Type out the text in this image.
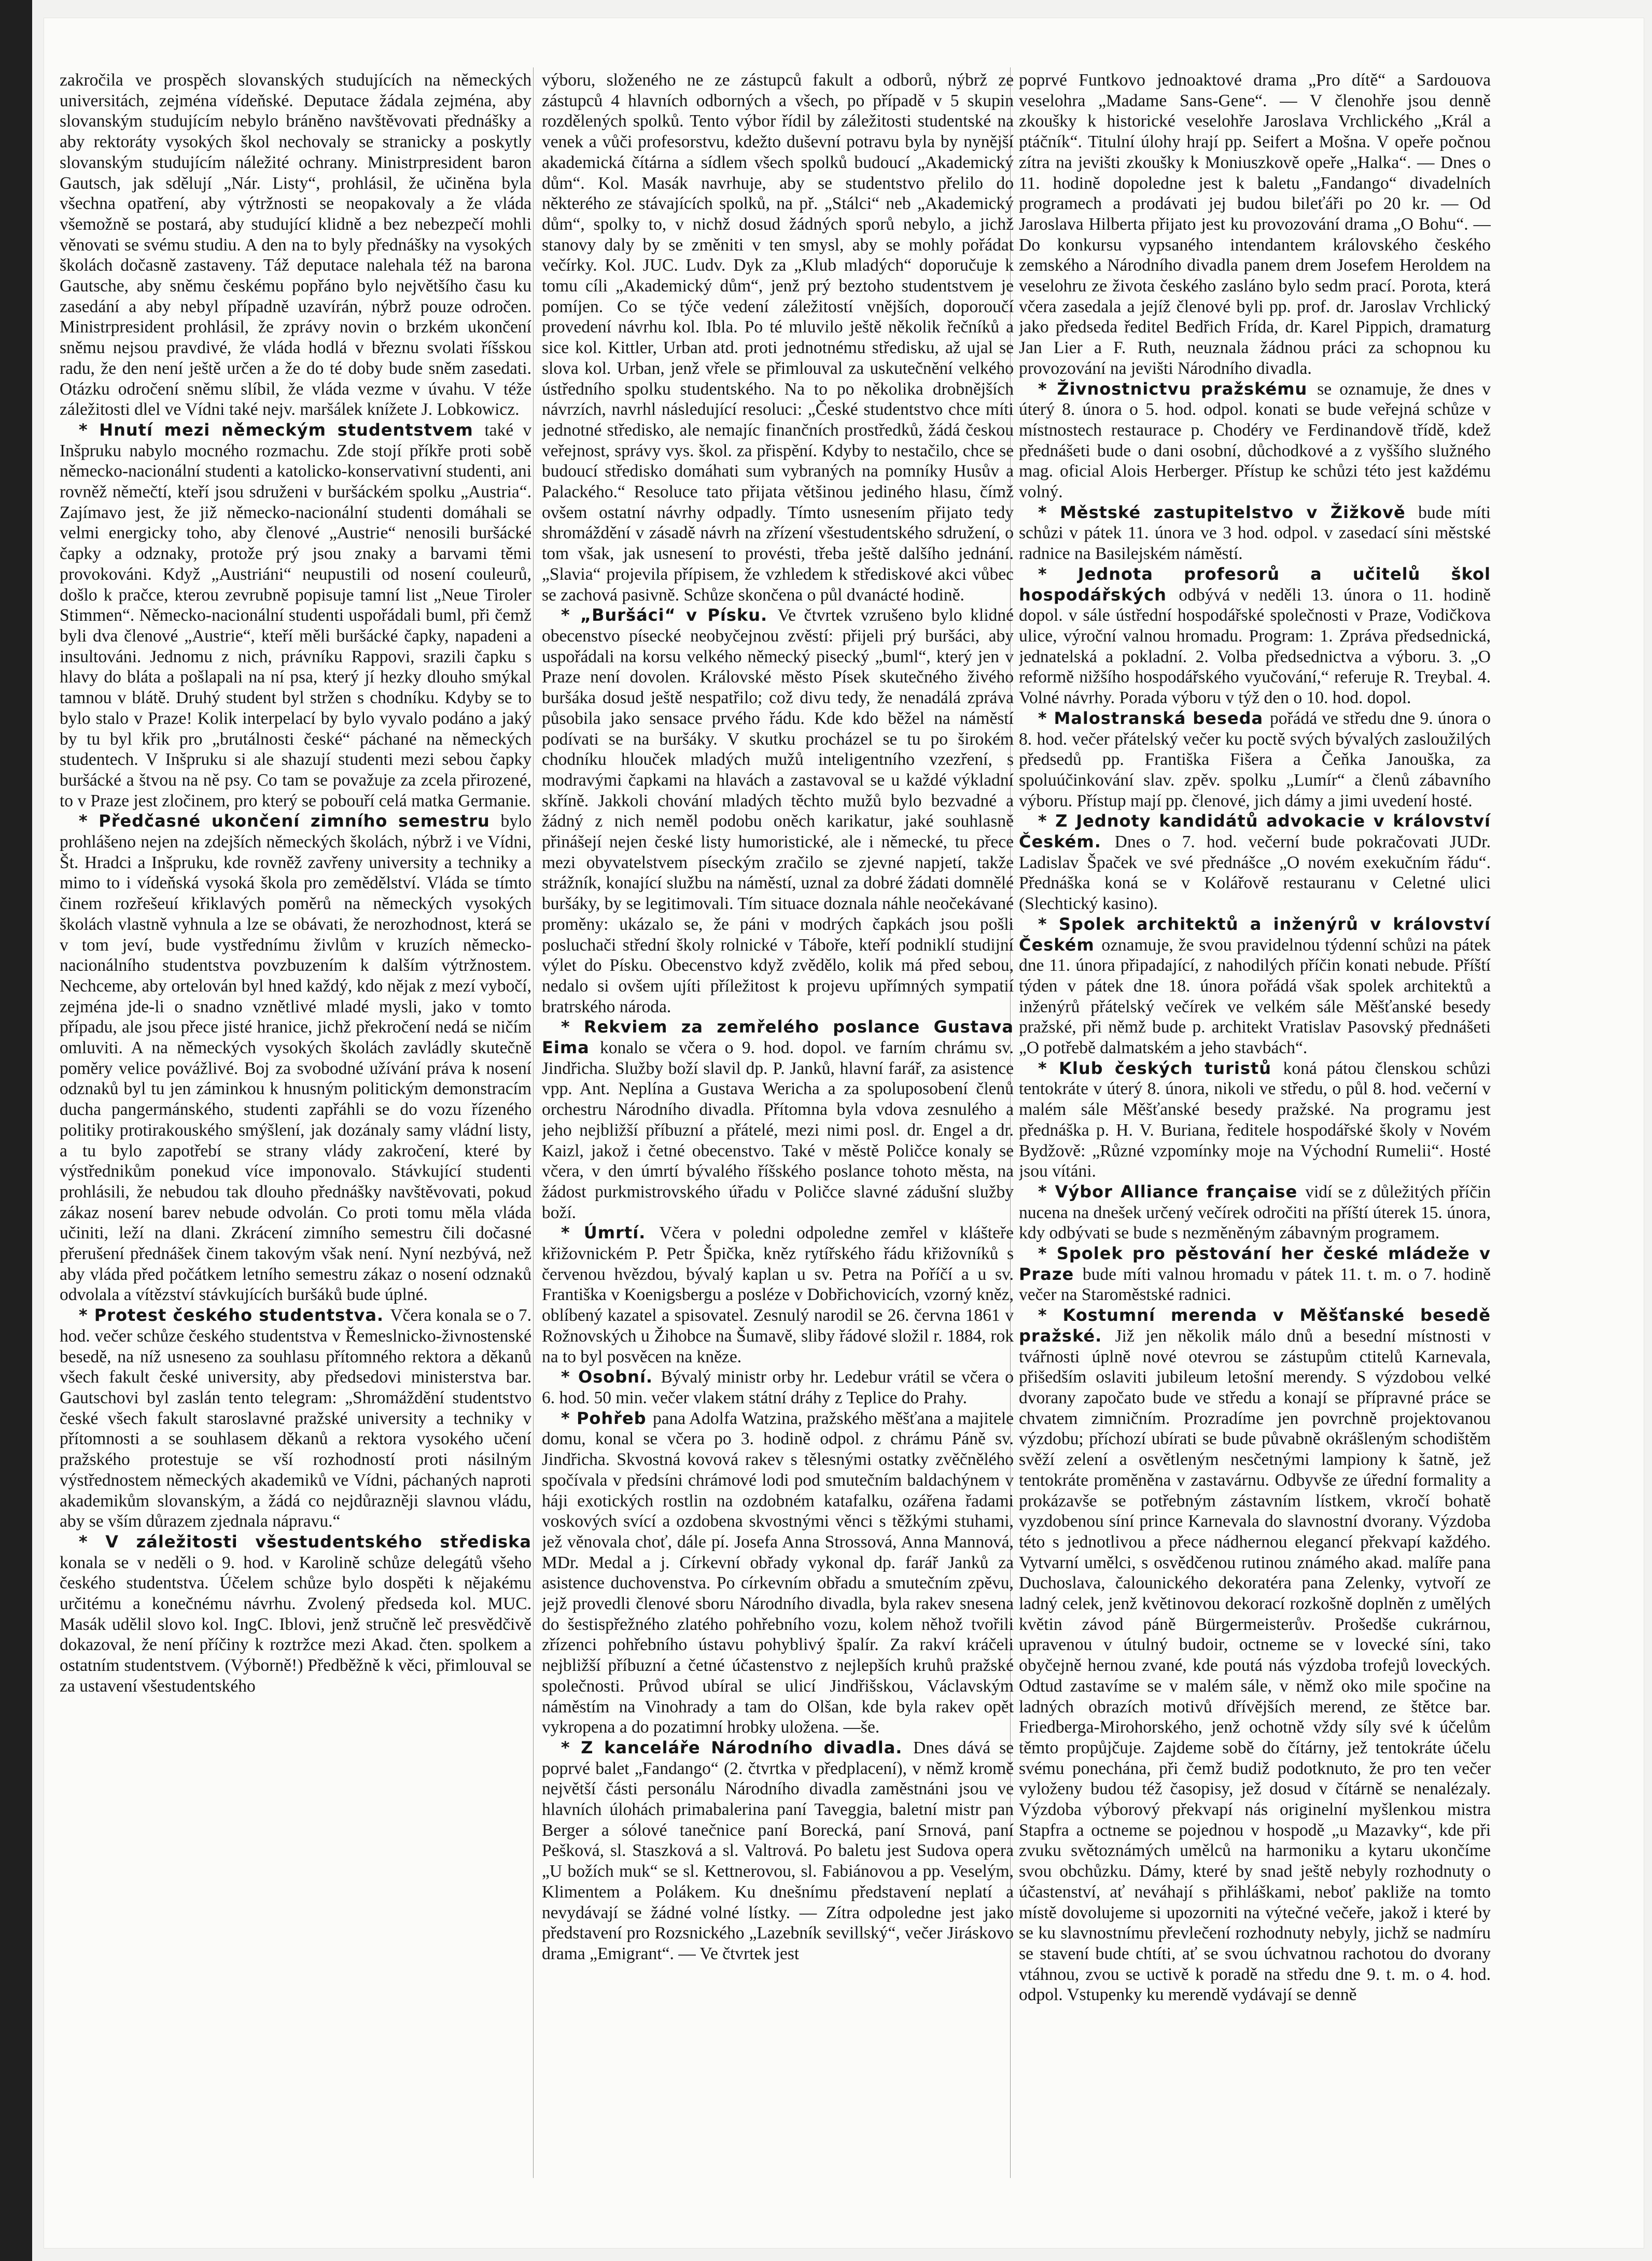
zakročila ve prospěch slovanských studujících na německých universitách, zejména vídeňské. Deputace žádala zejména, aby slovanským studujícím nebylo bráněno navštěvovati přednášky a aby rektoráty vysokých škol nechovaly se stranicky a poskytly slovanským studujícím náležité ochrany. Ministrpresident baron Gautsch, jak sdělují „Nár. Listy“, prohlásil, že učiněna byla všechna opatření, aby výtržnosti se neopakovaly a že vláda všemožně se postará, aby studující klidně a bez nebezpečí mohli věnovati se svému studiu. A den na to byly přednášky na vysokých školách dočasně zastaveny. Táž deputace nalehala též na barona Gautsche, aby sněmu českému popřáno bylo největšího času ku zasedání a aby nebyl případně uzavírán, nýbrž pouze odročen. Ministrpresident prohlásil, že zprávy novin o brzkém ukončení sněmu nejsou pravdivé, že vláda hodlá v březnu svolati říšskou radu, že den není ještě určen a že do té doby bude sněm zasedati. Otázku odročení sněmu slíbil, že vláda vezme v úvahu. V téže záležitosti dlel ve Vídni také nejv. maršálek knížete J. Lobkowicz.

* Hnutí mezi německým studentstvem také v Inšpruku nabylo mocného rozmachu. Zde stojí příkře proti sobě německo-nacionální studenti a katolicko-konservativní studenti, ani rovněž němečtí, kteří jsou sdruženi v buršáckém spolku „Austria“. Zajímavo jest, že již německo-nacionální studenti domáhali se velmi energicky toho, aby členové „Austrie“ nenosili buršácké čapky a odznaky, protože prý jsou znaky a barvami těmi provokováni. Když „Austriáni“ neupustili od nosení couleurů, došlo k pračce, kterou zevrubně popisuje tamní list „Neue Tiroler Stimmen“. Německo-nacionální studenti uspořádali buml, při čemž byli dva členové „Austrie“, kteří měli buršácké čapky, napadeni a insultováni. Jednomu z nich, právníku Rappovi, srazili čapku s hlavy do bláta a pošlapali na ní psa, který jí hezky dlouho smýkal tamnou v blátě. Druhý student byl stržen s chodníku. Kdyby se to bylo stalo v Praze! Kolik interpelací by bylo vyvalo podáno a jaký by tu byl křik pro „brutálnosti české“ páchané na německých studentech. V Inšpruku si ale shazují studenti mezi sebou čapky buršácké a štvou na ně psy. Co tam se považuje za zcela přirozené, to v Praze jest zločinem, pro který se pobouří celá matka Germanie.

* Předčasné ukončení zimního semestru bylo prohlášeno nejen na zdejších německých školách, nýbrž i ve Vídni, Št. Hradci a Inšpruku, kde rovněž zavřeny university a techniky a mimo to i vídeňská vysoká škola pro zemědělství. Vláda se tímto činem rozřešeuí křiklavých poměrů na německých vysokých školách vlastně vyhnula a lze se obávati, že nerozhodnost, která se v tom jeví, bude vystřednímu živlům v kruzích německo-nacionálního studentstva povzbuzením k dalším výtržnostem. Nechceme, aby ortelován byl hned každý, kdo nějak z mezí vybočí, zejména jde-li o snadno vznětlivé mladé mysli, jako v tomto případu, ale jsou přece jisté hranice, jichž překročení nedá se ničím omluviti. A na německých vysokých školách zavládly skutečně poměry velice povážlivé. Boj za svobodné užívání práva k nosení odznaků byl tu jen záminkou k hnusným politickým demonstracím ducha pangermánského, studenti zapřáhli se do vozu řízeného politiky protirakouského smýšlení, jak dozánaly samy vládní listy, a tu bylo zapotřebí se strany vlády zakročení, které by výstřednikům ponekud více imponovalo. Stávkující studenti prohlásili, že nebudou tak dlouho přednášky navštěvovati, pokud zákaz nosení barev nebude odvolán. Co proti tomu měla vláda učiniti, leží na dlani. Zkrácení zimního semestru čili dočasné přerušení přednášek činem takovým však není. Nyní nezbývá, než aby vláda před počátkem letního semestru zákaz o nosení odznaků odvolala a vítězství stávkujících buršáků bude úplné.

* Protest českého studentstva. Včera konala se o 7. hod. večer schůze českého studentstva v Řemeslnicko-živnostenské besedě, na níž usneseno za souhlasu přítomného rektora a děkanů všech fakult české university, aby předsedovi ministerstva bar. Gautschovi byl zaslán tento telegram: „Shromáždění studentstvo české všech fakult staroslavné pražské university a techniky v přítomnosti a se souhlasem děkanů a rektora vysokého učení pražského protestuje se vší rozhodností proti násilným výstřednostem německých akademiků ve Vídni, páchaných naproti akademikům slovanským, a žádá co nejdůrazněji slavnou vládu, aby se vším důrazem zjednala nápravu.“

* V záležitosti všestudentského střediska konala se v neděli o 9. hod. v Karolině schůze delegátů všeho českého studentstva. Účelem schůze bylo dospěti k nějakému určitému a konečnému návrhu. Zvolený předseda kol. MUC. Masák udělil slovo kol. IngC. Iblovi, jenž stručně leč presvědčivě dokazoval, že není příčiny k roztržce mezi Akad. čten. spolkem a ostatním studentstvem. (Výborně!) Předběžně k věci, přimlouval se za ustavení všestudentského

výboru, složeného ne ze zástupců fakult a odborů, nýbrž ze zástupců 4 hlavních odborných a všech, po případě v 5 skupin rozdělených spolků. Tento výbor řídil by záležitosti studentské na venek a vůči profesorstvu, kdežto duševní potravu byla by nynější akademická čítárna a sídlem všech spolků budoucí „Akademický dům“. Kol. Masák navrhuje, aby se studentstvo přelilo do některého ze stávajících spolků, na př. „Stálci“ neb „Akademický dům“, spolky to, v nichž dosud žádných sporů nebylo, a jichž stanovy daly by se změniti v ten smysl, aby se mohly pořádat večírky. Kol. JUC. Ludv. Dyk za „Klub mladých“ doporučuje k tomu cíli „Akademický dům“, jenž prý beztoho studentstvem je pomíjen. Co se týče vedení záležitostí vnějších, doporoučí provedení návrhu kol. Ibla. Po té mluvilo ještě několik řečníků a sice kol. Kittler, Urban atd. proti jednotnému středisku, až ujal se slova kol. Urban, jenž vřele se přimlouval za uskutečnění velkého ústředního spolku studentského. Na to po několika drobnějších návrzích, navrhl následující resoluci: „České studentstvo chce míti jednotné středisko, ale nemajíc finančních prostředků, žádá českou veřejnost, správy vys. škol. za přispění. Kdyby to nestačilo, chce se budoucí středisko domáhati sum vybraných na pomníky Husův a Palackého.“ Resoluce tato přijata většinou jediného hlasu, čímž ovšem ostatní návrhy odpadly. Tímto usnesením přijato tedy shromáždění v zásadě návrh na zřízení všestudentského sdružení, o tom však, jak usnesení to provésti, třeba ještě dalšího jednání. „Slavia“ projevila přípisem, že vzhledem k střediskové akci vůbec se zachová pasivně. Schůze skončena o půl dvanácté hodině.

* „Buršáci“ v Písku. Ve čtvrtek vzrušeno bylo klidné obecenstvo písecké neobyčejnou zvěstí: přijeli prý buršáci, aby uspořádali na korsu velkého německý pisecký „buml“, který jen v Praze není dovolen. Královské město Písek skutečného živého buršáka dosud ještě nespatřilo; což divu tedy, že nenadálá zpráva působila jako sensace prvého řádu. Kde kdo běžel na náměstí podívati se na buršáky. V skutku procházel se tu po širokém chodníku hlouček mladých mužů inteligentního vzezření, s modravými čapkami na hlavách a zastavoval se u každé výkladní skříně. Jakkoli chování mladých těchto mužů bylo bezvadné a žádný z nich neměl podobu oněch karikatur, jaké souhlasně přinášejí nejen české listy humoristické, ale i německé, tu přece mezi obyvatelstvem píseckým zračilo se zjevné napjetí, takže strážník, konající službu na náměstí, uznal za dobré žádati domnělé buršáky, by se legitimovali. Tím situace doznala náhle neočekávané proměny: ukázalo se, že páni v modrých čapkách jsou pošli posluchači střední školy rolnické v Táboře, kteří podniklí studijní výlet do Písku. Obecenstvo když zvědělo, kolik má před sebou, nedalo si ovšem ujíti příležitost k projevu upřímných sympatií bratrského národa.

* Rekviem za zemřelého poslance Gustava Eima konalo se včera o 9. hod. dopol. ve farním chrámu sv. Jindřicha. Služby boží slavil dp. P. Janků, hlavní farář, za asistence vpp. Ant. Neplína a Gustava Wericha a za spoluposobení členů orchestru Národního divadla. Přítomna byla vdova zesnulého a jeho nejbližší příbuzní a přátelé, mezi nimi posl. dr. Engel a dr. Kaizl, jakož i četné obecenstvo. Také v městě Poličce konaly se včera, v den úmrtí bývalého říšského poslance tohoto města, na žádost purkmistrovského úřadu v Poličce slavné zádušní služby boží.

* Úmrtí. Včera v poledni odpoledne zemřel v klášteře křižovnickém P. Petr Špička, kněz rytířského řádu křižovníků s červenou hvězdou, bývalý kaplan u sv. Petra na Poříčí a u sv. Františka v Koenigsbergu a posléze v Dobřichovicích, vzorný kněz, oblíbený kazatel a spisovatel. Zesnulý narodil se 26. června 1861 v Rožnovských u Žihobce na Šumavě, sliby řádové složil r. 1884, rok na to byl posvěcen na kněze.

* Osobní. Bývalý ministr orby hr. Ledebur vrátil se včera o 6. hod. 50 min. večer vlakem státní dráhy z Teplice do Prahy.

* Pohřeb pana Adolfa Watzina, pražského měšťana a majitele domu, konal se včera po 3. hodině odpol. z chrámu Páně sv. Jindřicha. Skvostná kovová rakev s tělesnými ostatky zvěčnělého spočívala v předsíni chrámové lodi pod smutečním baldachýnem v háji exotických rostlin na ozdobném katafalku, ozářena řadami voskových svící a ozdobena skvostnými věnci s těžkými stuhami, jež věnovala choť, dále pí. Josefa Anna Strossová, Anna Mannová, MDr. Medal a j. Církevní obřady vykonal dp. farář Janků za asistence duchovenstva. Po církevním obřadu a smutečním zpěvu, jejž provedli členové sboru Národního divadla, byla rakev snesena do šestispřežného zlatého pohřebního vozu, kolem něhož tvořili zřízenci pohřebního ústavu pohyblivý špalír. Za rakví kráčeli nejbližší příbuzní a četné účastenstvo z nejlepších kruhů pražské společnosti. Průvod ubíral se ulicí Jindřišskou, Václavským náměstím na Vinohrady a tam do Olšan, kde byla rakev opět vykropena a do pozatimní hrobky uložena. —še.

* Z kanceláře Národního divadla. Dnes dává se poprvé balet „Fandango“ (2. čtvrtka v předplacení), v němž kromě největší části personálu Národního divadla zaměstnáni jsou ve hlavních úlohách primabalerina paní Taveggia, baletní mistr pan Berger a sólové tanečnice paní Borecká, paní Srnová, paní Pešková, sl. Staszková a sl. Valtrová. Po baletu jest Sudova opera „U božích muk“ se sl. Kettnerovou, sl. Fabiánovou a pp. Veselým, Klimentem a Polákem. Ku dnešnímu představení neplatí a nevydávají se žádné volné lístky. — Zítra odpoledne jest jako představení pro Rozsnického „Lazebník sevillský“, večer Jiráskovo drama „Emigrant“. — Ve čtvrtek jest

poprvé Funtkovo jednoaktové drama „Pro dítě“ a Sardouova veselohra „Madame Sans-Gene“. — V členohře jsou denně zkoušky k historické veselohře Jaroslava Vrchlického „Král a ptáčník“. Titulní úlohy hrají pp. Seifert a Mošna. V opeře počnou zítra na jevišti zkoušky k Moniuszkově opeře „Halka“. — Dnes o 11. hodině dopoledne jest k baletu „Fandango“ divadelních programech a prodávati jej budou bileťáři po 20 kr. — Od Jaroslava Hilberta přijato jest ku provozování drama „O Bohu“. — Do konkursu vypsaného intendantem královského českého zemského a Národního divadla panem drem Josefem Heroldem na veselohru ze života českého zasláno bylo sedm prací. Porota, která včera zasedala a jejíž členové byli pp. prof. dr. Jaroslav Vrchlický jako předseda ředitel Bedřich Frída, dr. Karel Pippich, dramaturg Jan Lier a F. Ruth, neuznala žádnou práci za schopnou ku provozování na jevišti Národního divadla.

* Živnostnictvu pražskému se oznamuje, že dnes v úterý 8. února o 5. hod. odpol. konati se bude veřejná schůze v místnostech restaurace p. Chodéry ve Ferdinandově třídě, kdež přednášeti bude o dani osobní, důchodkové a z vyššího služného mag. oficial Alois Herberger. Přístup ke schůzi této jest každému volný.

* Městské zastupitelstvo v Žižkově bude míti schůzi v pátek 11. února ve 3 hod. odpol. v zasedací síni městské radnice na Basilejském náměstí.

* Jednota profesorů a učitelů škol hospodářských odbývá v neděli 13. února o 11. hodině dopol. v sále ústřední hospodářské společnosti v Praze, Vodičkova ulice, výroční valnou hromadu. Program: 1. Zpráva předsednická, jednatelská a pokladní. 2. Volba předsednictva a výboru. 3. „O reformě nižšího hospodářského vyučování,“ referuje R. Treybal. 4. Volné návrhy. Porada výboru v týž den o 10. hod. dopol.

* Malostranská beseda pořádá ve středu dne 9. února o 8. hod. večer přátelský večer ku poctě svých bývalých zasloužilých předsedů pp. Františka Fišera a Čeňka Janouška, za spoluúčinkování slav. zpěv. spolku „Lumír“ a členů zábavního výboru. Přístup mají pp. členové, jich dámy a jimi uvedení hosté.

* Z Jednoty kandidátů advokacie v království Českém. Dnes o 7. hod. večerní bude pokračovati JUDr. Ladislav Špaček ve své přednášce „O novém exekučním řádu“. Přednáška koná se v Kolářově restauranu v Celetné ulici (Slechtický kasino).

* Spolek architektů a inženýrů v království Českém oznamuje, že svou pravidelnou týdenní schůzi na pátek dne 11. února připadající, z nahodilých příčin konati nebude. Příští týden v pátek dne 18. února pořádá však spolek architektů a inženýrů přátelský večírek ve velkém sále Měšťanské besedy pražské, při němž bude p. architekt Vratislav Pasovský přednášeti „O potřebě dalmatském a jeho stavbách“.

* Klub českých turistů koná pátou členskou schůzi tentokráte v úterý 8. února, nikoli ve středu, o půl 8. hod. večerní v malém sále Měšťanské besedy pražské. Na programu jest přednáška p. H. V. Buriana, ředitele hospodářské školy v Novém Bydžově: „Různé vzpomínky moje na Východní Rumelii“. Hosté jsou vítáni.

* Výbor Alliance française vidí se z důležitých příčin nucena na dnešek určený večírek odročiti na příští úterek 15. února, kdy odbývati se bude s nezměněným zábavným programem.

* Spolek pro pěstování her české mládeže v Praze bude míti valnou hromadu v pátek 11. t. m. o 7. hodině večer na Staroměstské radnici.

* Kostumní merenda v Měšťanské besedě pražské. Již jen několik málo dnů a besední místnosti v tvářnosti úplně nové otevrou se zástupům ctitelů Karnevala, přišedším oslaviti jubileum letošní merendy. S výzdobou velké dvorany započato bude ve středu a konají se přípravné práce se chvatem zimničním. Prozradíme jen povrchně projektovanou výzdobu; příchozí ubírati se bude půvabně okrášleným schodištěm svěží zelení a osvětleným nesčetnými lampiony k šatně, jež tentokráte proměněna v zastavárnu. Odbyvše ze úřední formality a prokázavše se potřebným zástavním lístkem, vkročí bohatě vyzdobenou síní prince Karnevala do slavnostní dvorany. Výzdoba této s jednotlivou a přece nádhernou elegancí překvapí každého. Vytvarní umělci, s osvědčenou rutinou známého akad. malíře pana Duchoslava, čalounického dekoratéra pana Zelenky, vytvoří ze ladný celek, jenž květinovou dekorací rozkošně doplněn z umělých květin závod páně Bürgermeisterův. Prošedše cukrárnou, upravenou v útulný budoir, octneme se v lovecké síni, tako obyčejně hernou zvané, kde poutá nás výzdoba trofejů loveckých. Odtud zastavíme se v malém sále, v němž oko mile spočine na ladných obrazích motivů dřívějších merend, ze štětce bar. Friedberga-Mirohorského, jenž ochotně vždy síly své k účelům těmto propůjčuje. Zajdeme sobě do čítárny, jež tentokráte účelu svému ponechána, při čemž budiž podotknuto, že pro ten večer vyloženy budou též časopisy, jež dosud v čítárně se nenalézaly. Výzdoba výborový překvapí nás originelní myšlenkou mistra Stapfra a octneme se pojednou v hospodě „u Mazavky“, kde při zvuku světoznámých umělců na harmoniku a kytaru ukončíme svou obchůzku. Dámy, které by snad ještě nebyly rozhodnuty o účastenství, ať neváhají s přihláškami, neboť pakliže na tomto místě dovolujeme si upozorniti na výtečné večeře, jakož i které by se ku slavnostnímu převlečení rozhodnuty nebyly, jichž se nadmíru se stavení bude chtíti, ať se svou úchvatnou rachotou do dvorany vtáhnou, zvou se uctivě k poradě na středu dne 9. t. m. o 4. hod. odpol. Vstupenky ku merendě vydávají se denně
